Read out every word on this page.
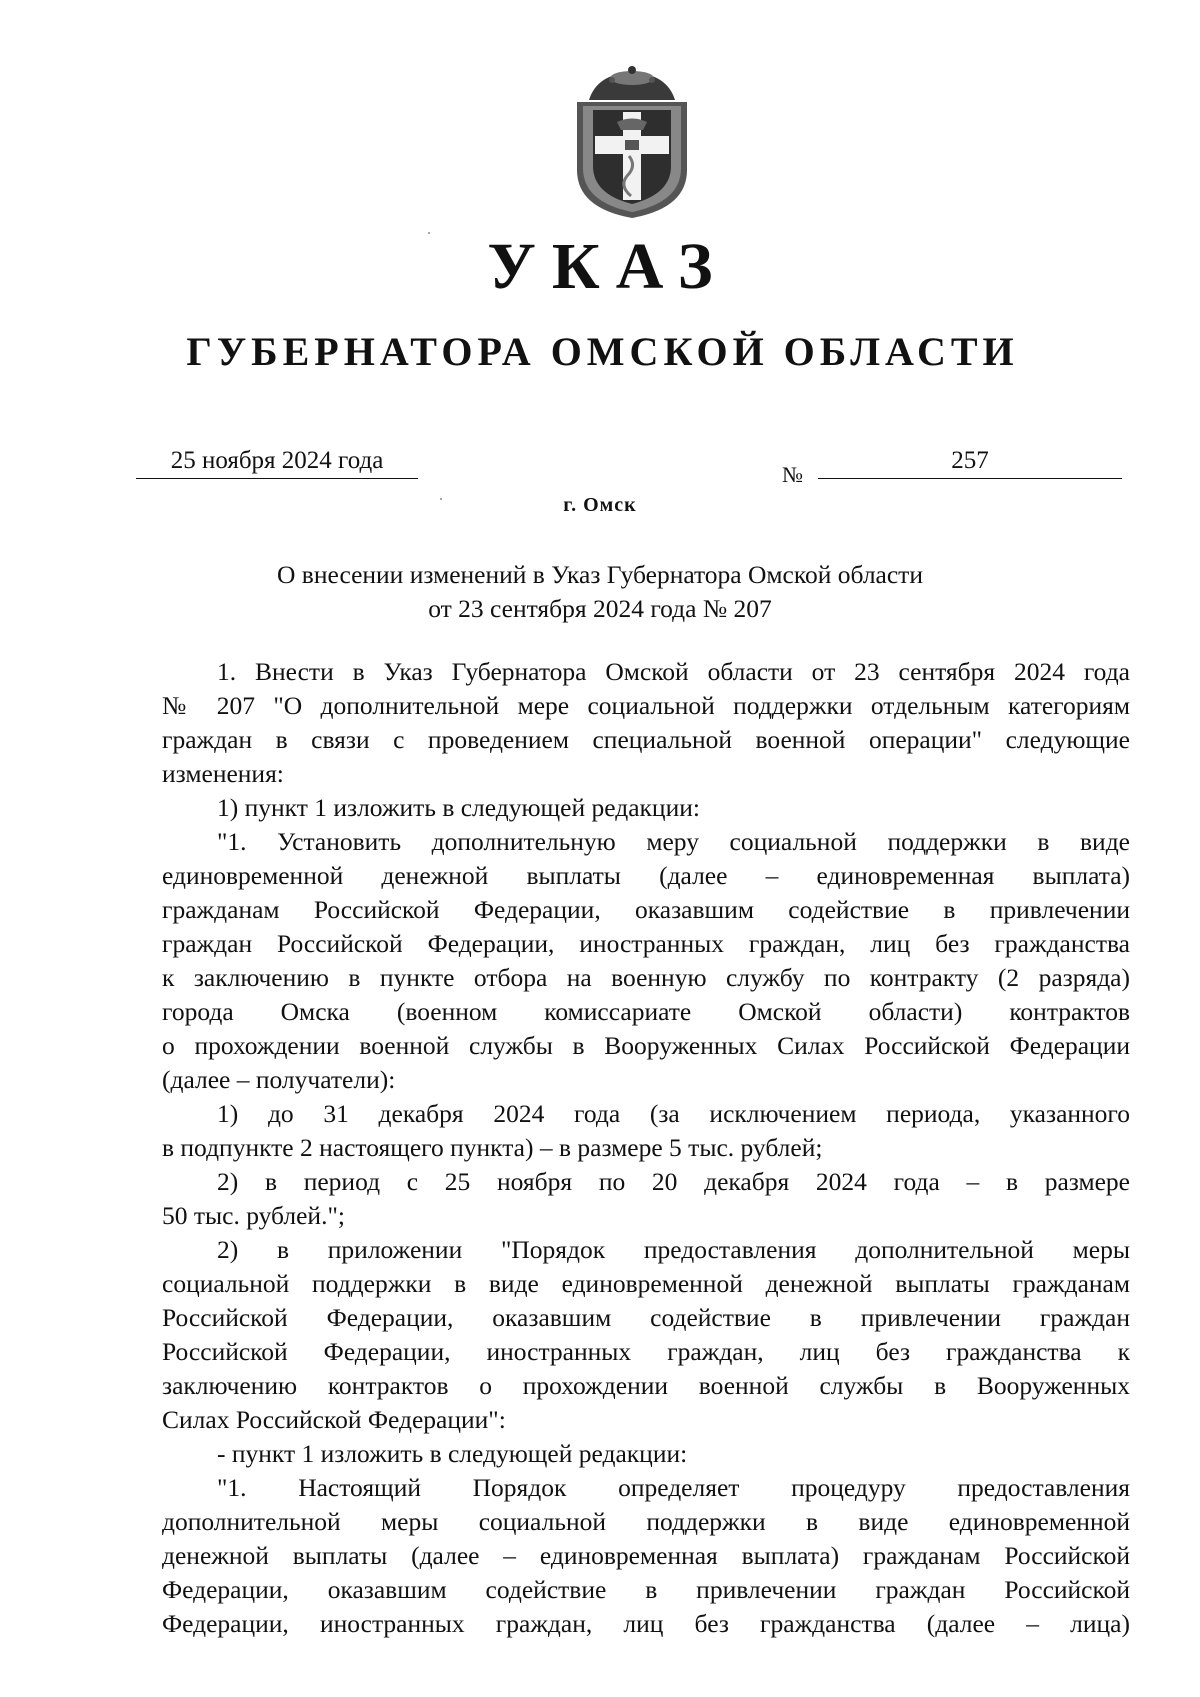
УКАЗ
ГУБЕРНАТОРА ОМСКОЙ ОБЛАСТИ
25 ноября 2024 года
№
257
г. Омск
О внесении изменений в Указ Губернатора Омской области
от 23 сентября 2024 года № 207

1. Внести в Указ Губернатора Омской области от 23 сентября 2024 года

№ 207 "О дополнительной мере социальной поддержки отдельным категориям

граждан в связи с проведением специальной военной операции" следующие

изменения:

1) пункт 1 изложить в следующей редакции:

"1. Установить дополнительную меру социальной поддержки в виде

единовременной денежной выплаты (далее – единовременная выплата)

гражданам Российской Федерации, оказавшим содействие в привлечении

граждан Российской Федерации, иностранных граждан, лиц без гражданства

к заключению в пункте отбора на военную службу по контракту (2 разряда)

города Омска (военном комиссариате Омской области) контрактов

о прохождении военной службы в Вооруженных Силах Российской Федерации

(далее – получатели):

1) до 31 декабря 2024 года (за исключением периода, указанного

в подпункте 2 настоящего пункта) – в размере 5 тыс. рублей;

2) в период с 25 ноября по 20 декабря 2024 года – в размере

50 тыс. рублей.";

2) в приложении "Порядок предоставления дополнительной меры

социальной поддержки в виде единовременной денежной выплаты гражданам

Российской Федерации, оказавшим содействие в привлечении граждан

Российской Федерации, иностранных граждан, лиц без гражданства к

заключению контрактов о прохождении военной службы в Вооруженных

Силах Российской Федерации":

- пункт 1 изложить в следующей редакции:

"1. Настоящий Порядок определяет процедуру предоставления

дополнительной меры социальной поддержки в виде единовременной

денежной выплаты (далее – единовременная выплата) гражданам Российской

Федерации, оказавшим содействие в привлечении граждан Российской

Федерации, иностранных граждан, лиц без гражданства (далее – лица)
